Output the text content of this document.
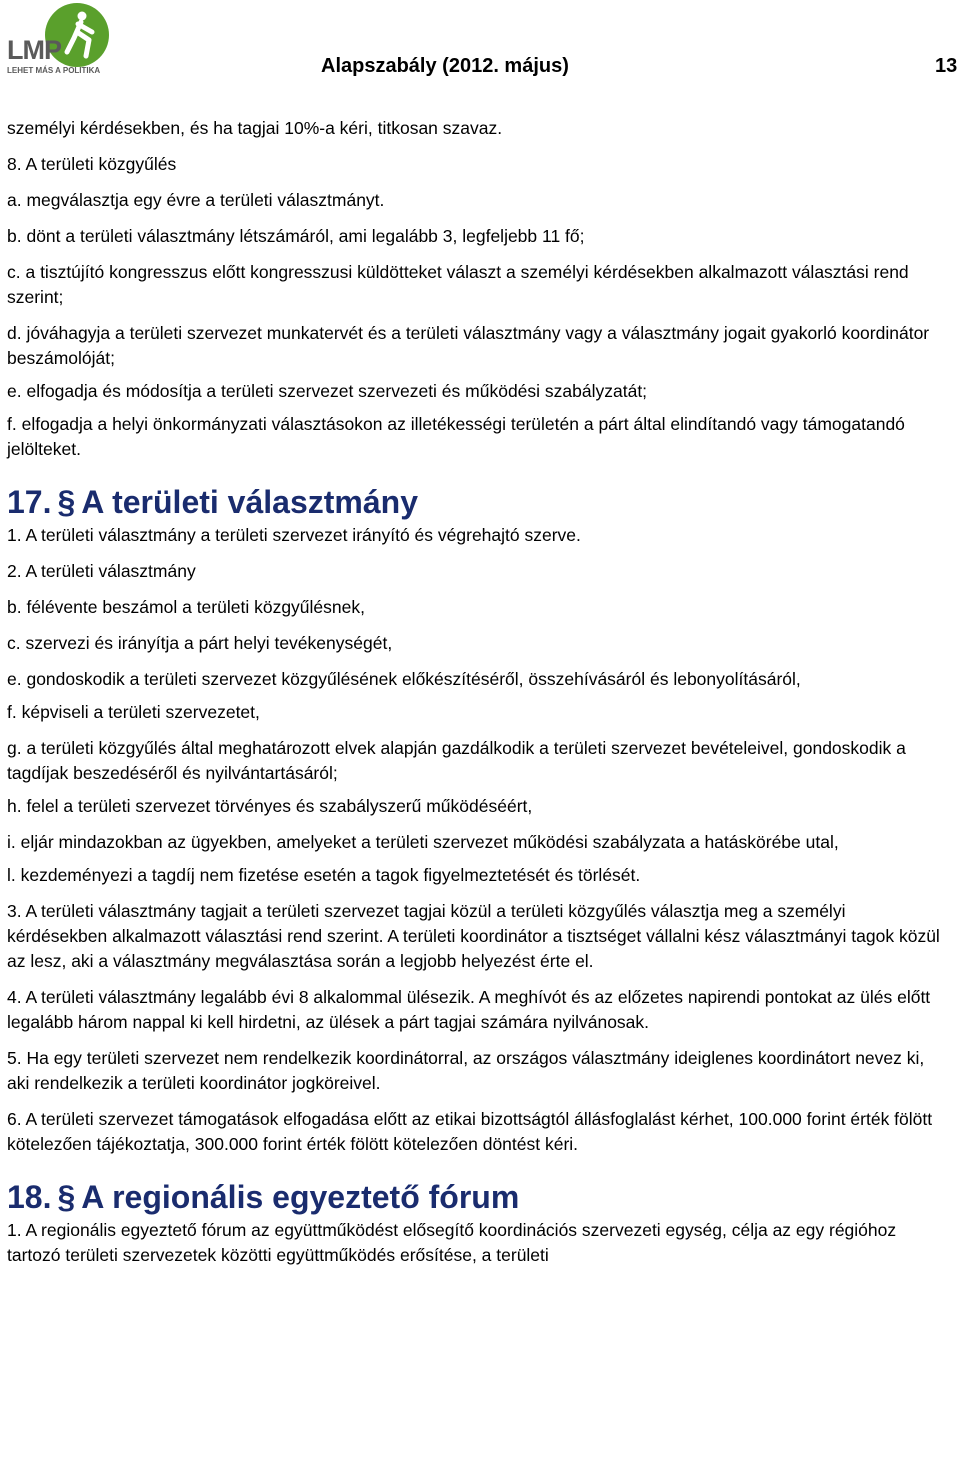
LMP
LEHET MÁS A POLITIKA	Alapszabály (2012. május)	13

személyi kérdésekben, és ha tagjai 10%-a kéri, titkosan szavaz.

8. A területi közgyűlés

a. megválasztja egy évre a területi választmányt.

b. dönt a területi választmány létszámáról, ami legalább 3, legfeljebb 11 fő;

c. a tisztújító kongresszus előtt kongresszusi küldötteket választ a személyi kérdésekben alkalmazott választási rend szerint;

d. jóváhagyja a területi szervezet munkatervét és a területi választmány vagy a választmány jogait gyakorló koordinátor beszámolóját;

e. elfogadja és módosítja a területi szervezet szervezeti és működési szabályzatát;

f. elfogadja a helyi önkormányzati választásokon az illetékességi területén a párt által elindítandó vagy támogatandó jelölteket.

17. § A területi választmány

1. A területi választmány a területi szervezet irányító és végrehajtó szerve.

2. A területi választmány

b. félévente beszámol a területi közgyűlésnek,

c. szervezi és irányítja a párt helyi tevékenységét,

e. gondoskodik a területi szervezet közgyűlésének előkészítéséről, összehívásáról és lebonyolításáról,

f. képviseli a területi szervezetet,

g. a területi közgyűlés által meghatározott elvek alapján gazdálkodik a területi szervezet bevételeivel, gondoskodik a tagdíjak beszedéséről és nyilvántartásáról;

h. felel a területi szervezet törvényes és szabályszerű működéséért,

i. eljár mindazokban az ügyekben, amelyeket a területi szervezet működési szabályzata a hatáskörébe utal,

l. kezdeményezi a tagdíj nem fizetése esetén a tagok figyelmeztetését és törlését.

3. A területi választmány tagjait a területi szervezet tagjai közül a területi közgyűlés választja meg a személyi kérdésekben alkalmazott választási rend szerint. A területi koordinátor a tisztséget vállalni kész választmányi tagok közül az lesz, aki a választmány megválasztása során a legjobb helyezést érte el.

4. A területi választmány legalább évi 8 alkalommal ülésezik. A meghívót és az előzetes napirendi pontokat az ülés előtt legalább három nappal ki kell hirdetni, az ülések a párt tagjai számára nyilvánosak.

5. Ha egy területi szervezet nem rendelkezik koordinátorral, az országos választmány ideiglenes koordinátort nevez ki, aki rendelkezik a területi koordinátor jogköreivel.

6. A területi szervezet támogatások elfogadása előtt az etikai bizottságtól állásfoglalást kérhet, 100.000 forint érték fölött kötelezően tájékoztatja, 300.000 forint érték fölött kötelezően döntést kéri.

18. § A regionális egyeztető fórum

1. A regionális egyeztető fórum az együttműködést elősegítő koordinációs szervezeti egység, célja az egy régióhoz tartozó területi szervezetek közötti együttműködés erősítése, a területi
